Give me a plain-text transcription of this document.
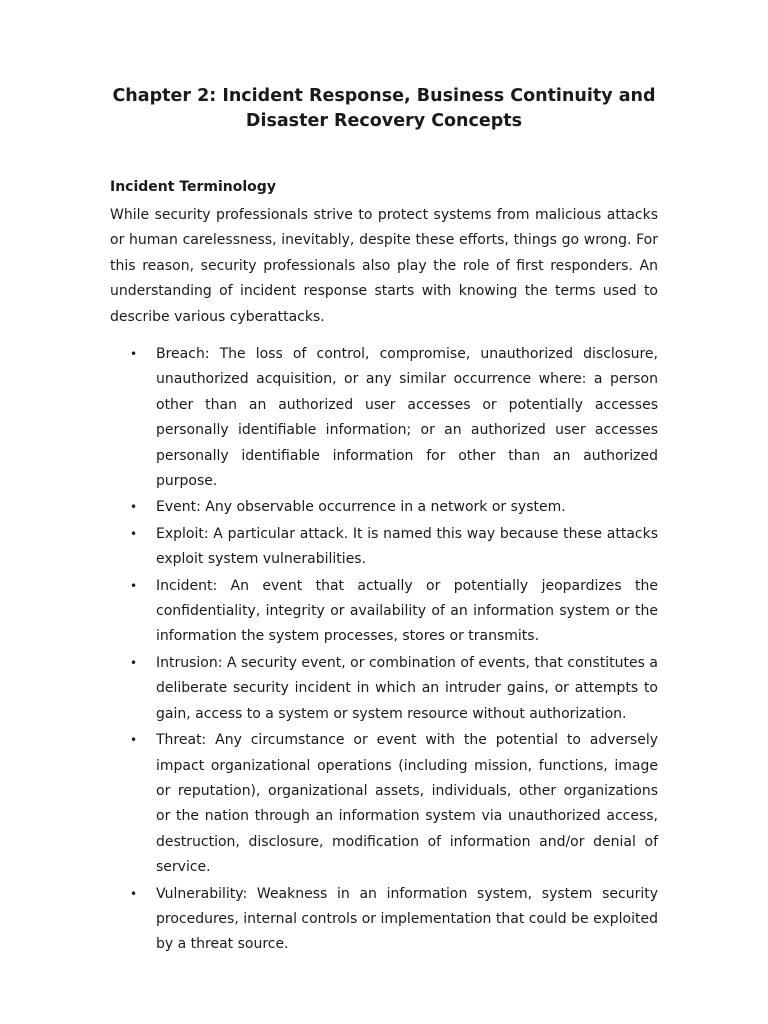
Chapter 2: Incident Response, Business Continuity and
Disaster Recovery Concepts
Incident Terminology

While security professionals strive to protect systems from malicious attacks or human carelessness, inevitably, despite these efforts, things go wrong. For this reason, security professionals also play the role of first responders. An understanding of incident response starts with knowing the terms used to describe various cyberattacks.

• Breach: The loss of control, compromise, unauthorized disclosure, unauthorized acquisition, or any similar occurrence where: a person other than an authorized user accesses or potentially accesses personally identifiable information; or an authorized user accesses personally identifiable information for other than an authorized purpose.
• Event: Any observable occurrence in a network or system.
• Exploit: A particular attack. It is named this way because these attacks exploit system vulnerabilities.
• Incident: An event that actually or potentially jeopardizes the confidentiality, integrity or availability of an information system or the information the system processes, stores or transmits.
• Intrusion: A security event, or combination of events, that constitutes a deliberate security incident in which an intruder gains, or attempts to gain, access to a system or system resource without authorization.
• Threat: Any circumstance or event with the potential to adversely impact organizational operations (including mission, functions, image or reputation), organizational assets, individuals, other organizations or the nation through an information system via unauthorized access, destruction, disclosure, modification of information and/or denial of service.
• Vulnerability: Weakness in an information system, system security procedures, internal controls or implementation that could be exploited by a threat source.
